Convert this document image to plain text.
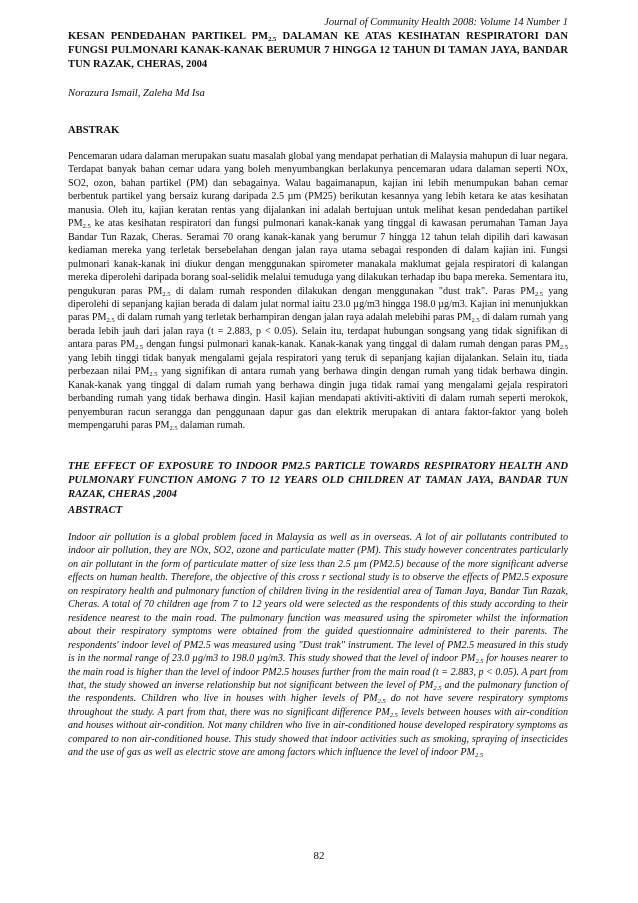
Journal of Community Health 2008: Volume 14 Number 1
KESAN PENDEDAHAN PARTIKEL $PM_{2.5}$ DALAMAN KE ATAS KESIHATAN RESPIRATORI DAN FUNGSI PULMONARI KANAK-KANAK BERUMUR 7 HINGGA 12 TAHUN DI TAMAN JAYA, BANDAR TUN RAZAK, CHERAS, 2004
Norazura Ismail, Zaleha Md Isa
ABSTRAK
Pencemaran udara dalaman merupakan suatu masalah global yang mendapat perhatian di Malaysia mahupun di luar negara. Terdapat banyak bahan cemar udara yang boleh menyumbangkan berlakunya pencemaran udara dalaman seperti NOx, SO2, ozon, bahan partikel (PM) dan sebagainya. Walau bagaimanapun, kajian ini lebih menumpukan bahan cemar berbentuk partikel yang bersaiz kurang daripada 2.5 µm (PM25) berikutan kesannya yang lebih ketara ke atas kesihatan manusia. Oleh itu, kajian keratan rentas yang dijalankan ini adalah bertujuan untuk melihat kesan pendedahan partikel $PM_{2.5}$ ke atas kesihatan respiratori dan fungsi pulmonari kanak-kanak yang tinggal di kawasan perumahan Taman Jaya Bandar Tun Razak, Cheras. Seramai 70 orang kanak-kanak yang berumur 7 hingga 12 tahun telah dipilih dari kawasan kediaman mereka yang terletak bersebelahan dengan jalan raya utama sebagai responden di dalam kajian ini. Fungsi pulmonari kanak-kanak ini diukur dengan menggunakan spirometer manakala maklumat gejala respiratori di kalangan mereka diperolehi daripada borang soal-selidik melalui temuduga yang dilakukan terhadap ibu bapa mereka. Sementara itu, pengukuran paras $PM_{2.5}$ di dalam rumah responden dilakukan dengan menggunakan "dust trak". Paras $PM_{2.5}$ yang diperolehi di sepanjang kajian berada di dalam julat normal iaitu 23.0 µg/m3 hingga 198.0 µg/m3. Kajian ini menunjukkan paras $PM_{2.5}$ di dalam rumah yang terletak berhampiran dengan jalan raya adalah melebihi paras $PM_{2.5}$ di dalam rumah yang berada lebih jauh dari jalan raya (t = 2.883, p < 0.05). Selain itu, terdapat hubungan songsang yang tidak signifikan di antara paras $PM_{2.5}$ dengan fungsi pulmonari kanak-kanak. Kanak-kanak yang tinggal di dalam rumah dengan paras $PM_{2.5}$ yang lebih tinggi tidak banyak mengalami gejala respiratori yang teruk di sepanjang kajian dijalankan. Selain itu, tiada perbezaan nilai $PM_{2.5}$ yang signifikan di antara rumah yang berhawa dingin dengan rumah yang tidak berhawa dingin. Kanak-kanak yang tinggal di dalam rumah yang berhawa dingin juga tidak ramai yang mengalami gejala respiratori berbanding rumah yang tidak berhawa dingin. Hasil kajian mendapati aktiviti-aktiviti di dalam rumah seperti merokok, penyemburan racun serangga dan penggunaan dapur gas dan elektrik merupakan di antara faktor-faktor yang boleh mempengaruhi paras $PM_{2.5}$ dalaman rumah.
THE EFFECT OF EXPOSURE TO INDOOR PM2.5 PARTICLE TOWARDS RESPIRATORY HEALTH AND PULMONARY FUNCTION AMONG 7 TO 12 YEARS OLD CHILDREN AT TAMAN JAYA, BANDAR TUN RAZAK, CHERAS ,2004
ABSTRACT
Indoor air pollution is a global problem faced in Malaysia as well as in overseas. A lot of air pollutants contributed to indoor air pollution, they are NOx, SO2, ozone and particulate matter (PM). This study however concentrates particularly on air pollutant in the form of particulate matter of size less than 2.5 µm (PM2.5) because of the more significant adverse effects on human health. Therefore, the objective of this cross r sectional study is to observe the effects of PM2.5 exposure on respiratory health and pulmonary function of children living in the residential area of Taman Jaya, Bandar Tun Razak, Cheras. A total of 70 children age from 7 to 12 years old were selected as the respondents of this study according to their residence nearest to the main road. The pulmonary function was measured using the spirometer whilst the information about their respiratory symptoms were obtained from the guided questionnaire administered to their parents. The respondents' indoor level of PM2.5 was measured using "Dust trak" instrument. The level of PM2.5 measured in this study is in the normal range of 23.0 µg/m3 to 198.0 µg/m3. This study showed that the level of indoor $PM_{2.5}$ for houses nearer to the main road is higher than the level of indoor PM2.5 houses further from the main road (t = 2.883, p < 0.05). A part from that, the study showed an inverse relationship but not significant between the level of $PM_{2.5}$ and the pulmonary function of the respondents. Children who live in houses with higher levels of $PM_{2.5}$ do not have severe respiratory symptoms throughout the study. A part from that, there was no significant difference $PM_{2.5}$ levels between houses with air-condition and houses without air-condition. Not many children who live in air-conditioned house developed respiratory symptoms as compared to non air-conditioned house. This study showed that indoor activities such as smoking, spraying of insecticides and the use of gas as well as electric stove are among factors which influence the level of indoor $PM_{2.5}$
82
